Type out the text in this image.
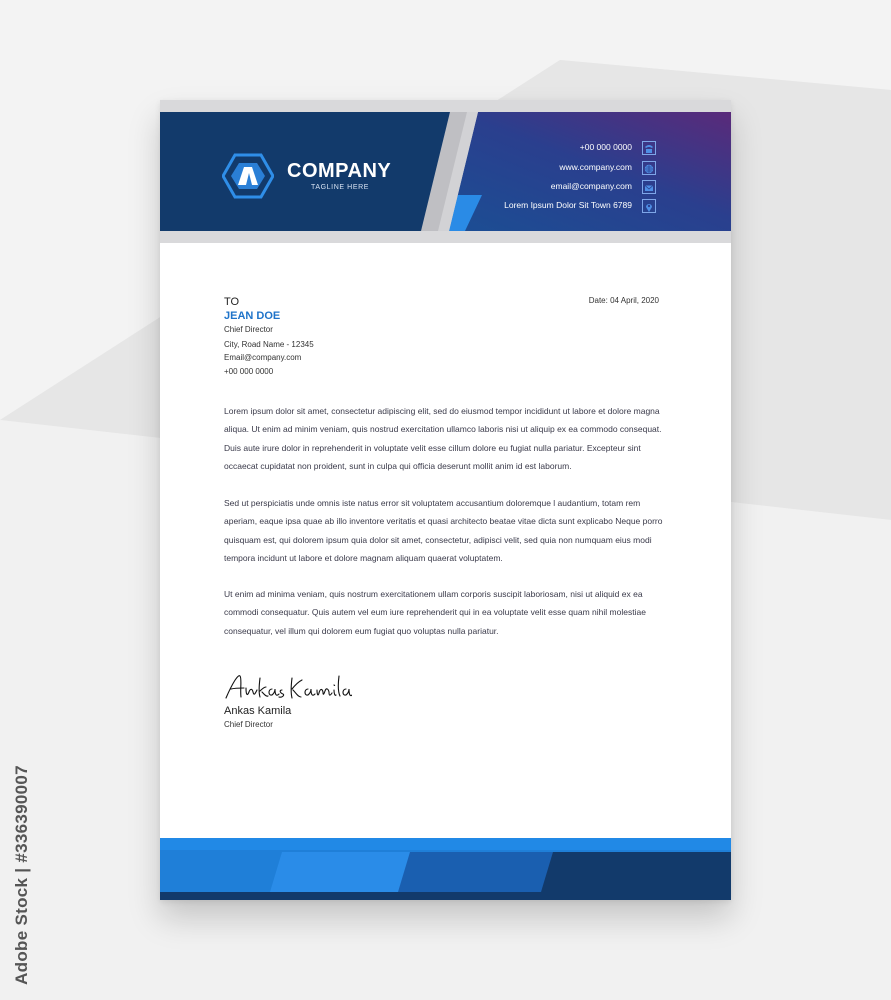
COMPANY
TAGLINE HERE
+00 000 0000
www.company.com
email@company.com
Lorem Ipsum Dolor Sit Town 6789
TO	Date: 04 April, 2020
JEAN DOE
Chief Director
City, Road Name - 12345
Email@company.com
+00 000 0000

Lorem ipsum dolor sit amet, consectetur adipiscing elit, sed do eiusmod tempor incididunt ut labore et dolore magna aliqua. Ut enim ad minim veniam, quis nostrud exercitation ullamco laboris nisi ut aliquip ex ea commodo consequat. Duis aute irure dolor in reprehenderit in voluptate velit esse cillum dolore eu fugiat nulla pariatur. Excepteur sint occaecat cupidatat non proident, sunt in culpa qui officia deserunt mollit anim id est laborum.

Sed ut perspiciatis unde omnis iste natus error sit voluptatem accusantium doloremque l audantium, totam rem aperiam, eaque ipsa quae ab illo inventore veritatis et quasi architecto beatae vitae dicta sunt explicabo Neque porro quisquam est, qui dolorem ipsum quia dolor sit amet, consectetur, adipisci velit, sed quia non numquam eius modi tempora incidunt ut labore et dolore magnam aliquam quaerat voluptatem.

Ut enim ad minima veniam, quis nostrum exercitationem ullam corporis suscipit laboriosam, nisi ut aliquid ex ea commodi consequatur. Quis autem vel eum iure reprehenderit qui in ea voluptate velit esse quam nihil molestiae consequatur, vel illum qui dolorem eum fugiat quo voluptas nulla pariatur.

Ankas Kamila
Chief Director
Adobe Stock | #336390007
